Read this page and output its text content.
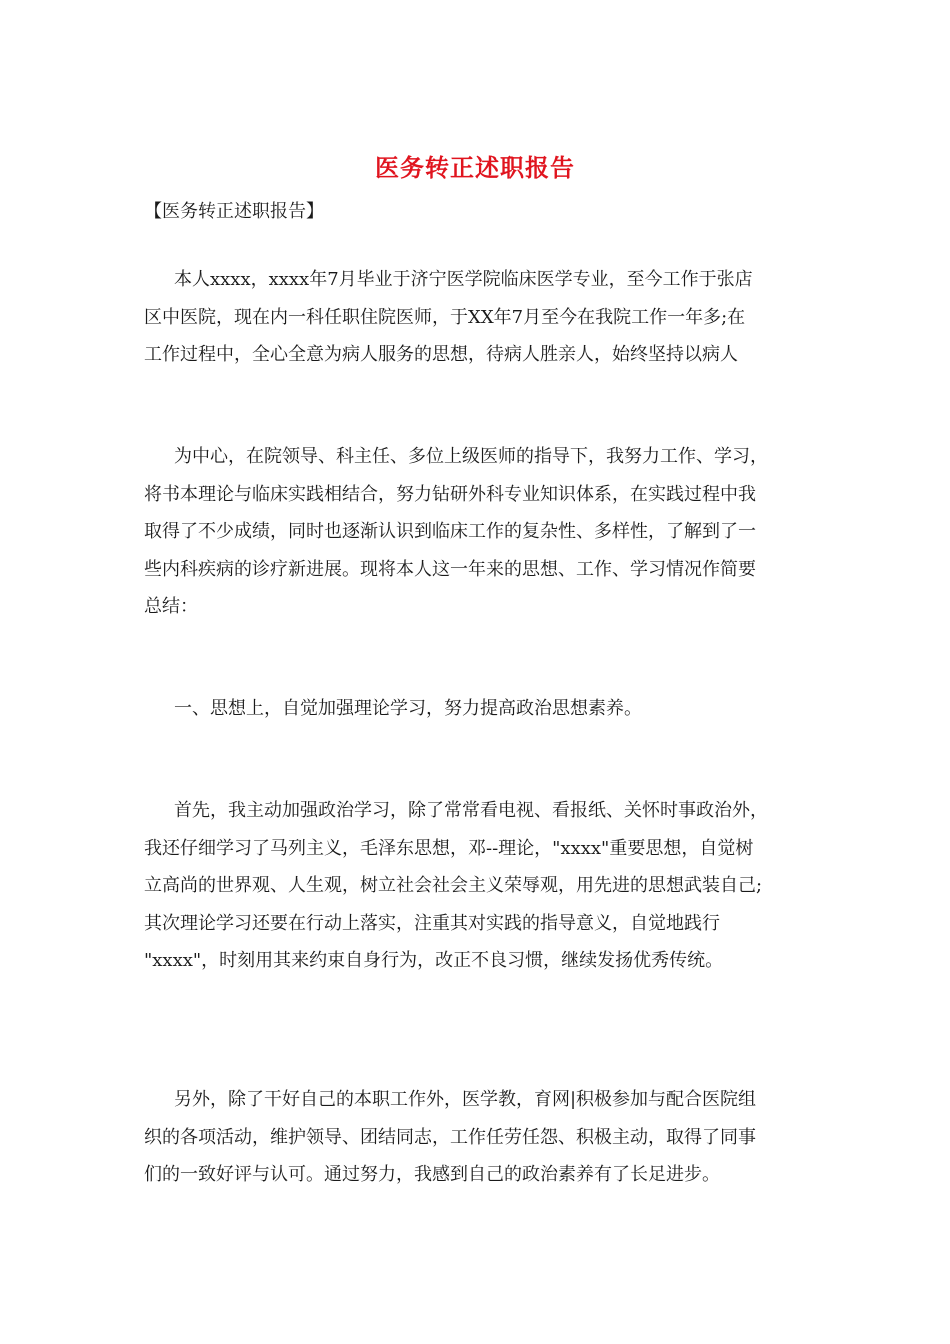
医务转正述职报告
【医务转正述职报告】
本人xxxx，xxxx年7月毕业于济宁医学院临床医学专业，至今工作于张店
区中医院，现在内一科任职住院医师，于XX年7月至今在我院工作一年多;在
工作过程中，全心全意为病人服务的思想，待病人胜亲人，始终坚持以病人
为中心，在院领导、科主任、多位上级医师的指导下，我努力工作、学习，
将书本理论与临床实践相结合，努力钻研外科专业知识体系，在实践过程中我
取得了不少成绩，同时也逐渐认识到临床工作的复杂性、多样性，了解到了一
些内科疾病的诊疗新进展。现将本人这一年来的思想、工作、学习情况作简要
总结：
一、思想上，自觉加强理论学习，努力提高政治思想素养。
首先，我主动加强政治学习，除了常常看电视、看报纸、关怀时事政治外，
我还仔细学习了马列主义，毛泽东思想，邓--理论，"xxxx"重要思想，自觉树
立高尚的世界观、人生观，树立社会社会主义荣辱观，用先进的思想武装自己;
其次理论学习还要在行动上落实，注重其对实践的指导意义，自觉地践行
"xxxx"，时刻用其来约束自身行为，改正不良习惯，继续发扬优秀传统。
另外，除了干好自己的本职工作外，医学教，育网|积极参加与配合医院组
织的各项活动，维护领导、团结同志，工作任劳任怨、积极主动，取得了同事
们的一致好评与认可。通过努力，我感到自己的政治素养有了长足进步。
